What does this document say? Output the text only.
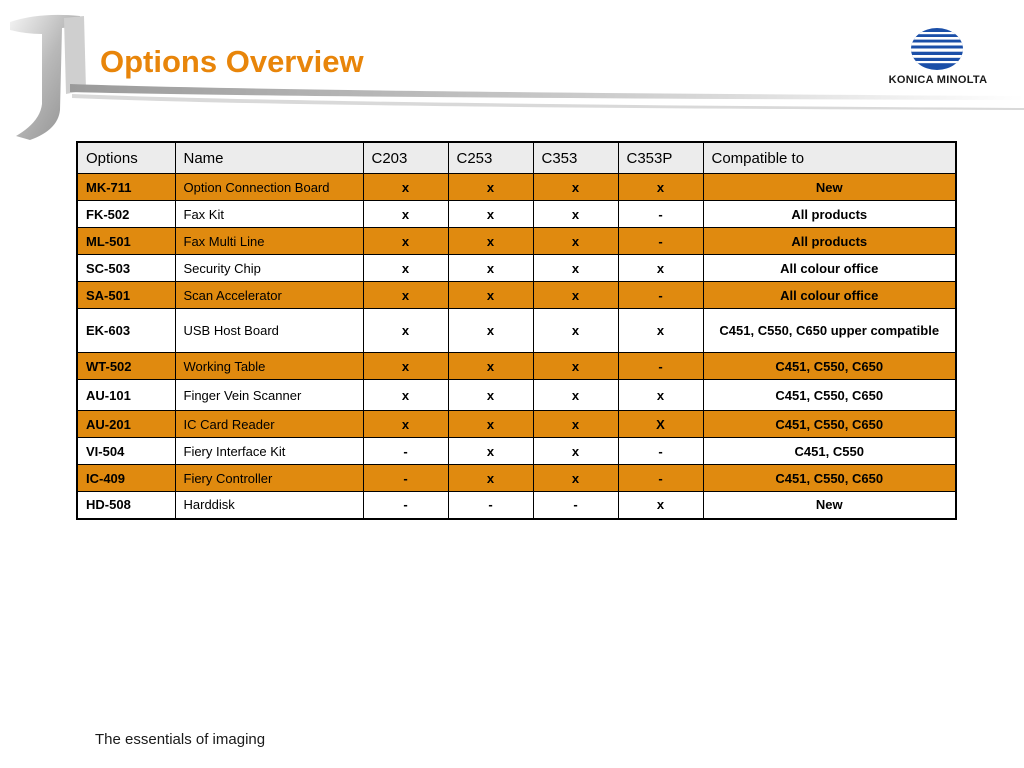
Options Overview
KONICA MINOLTA
Options	Name	C203	C253	C353	C353P	Compatible to
MK-711	Option Connection Board	x	x	x	x	New
FK-502	Fax Kit	x	x	x	-	All products
ML-501	Fax Multi Line	x	x	x	-	All products
SC-503	Security Chip	x	x	x	x	All colour office
SA-501	Scan Accelerator	x	x	x	-	All colour office
EK-603	USB Host Board	x	x	x	x	C451, C550, C650 upper compatible
WT-502	Working Table	x	x	x	-	C451, C550, C650
AU-101	Finger Vein Scanner	x	x	x	x	C451, C550, C650
AU-201	IC Card Reader	x	x	x	X	C451, C550, C650
VI-504	Fiery Interface Kit	-	x	x	-	C451, C550
IC-409	Fiery Controller	-	x	x	-	C451, C550, C650
HD-508	Harddisk	-	-	-	x	New
The essentials of imaging
